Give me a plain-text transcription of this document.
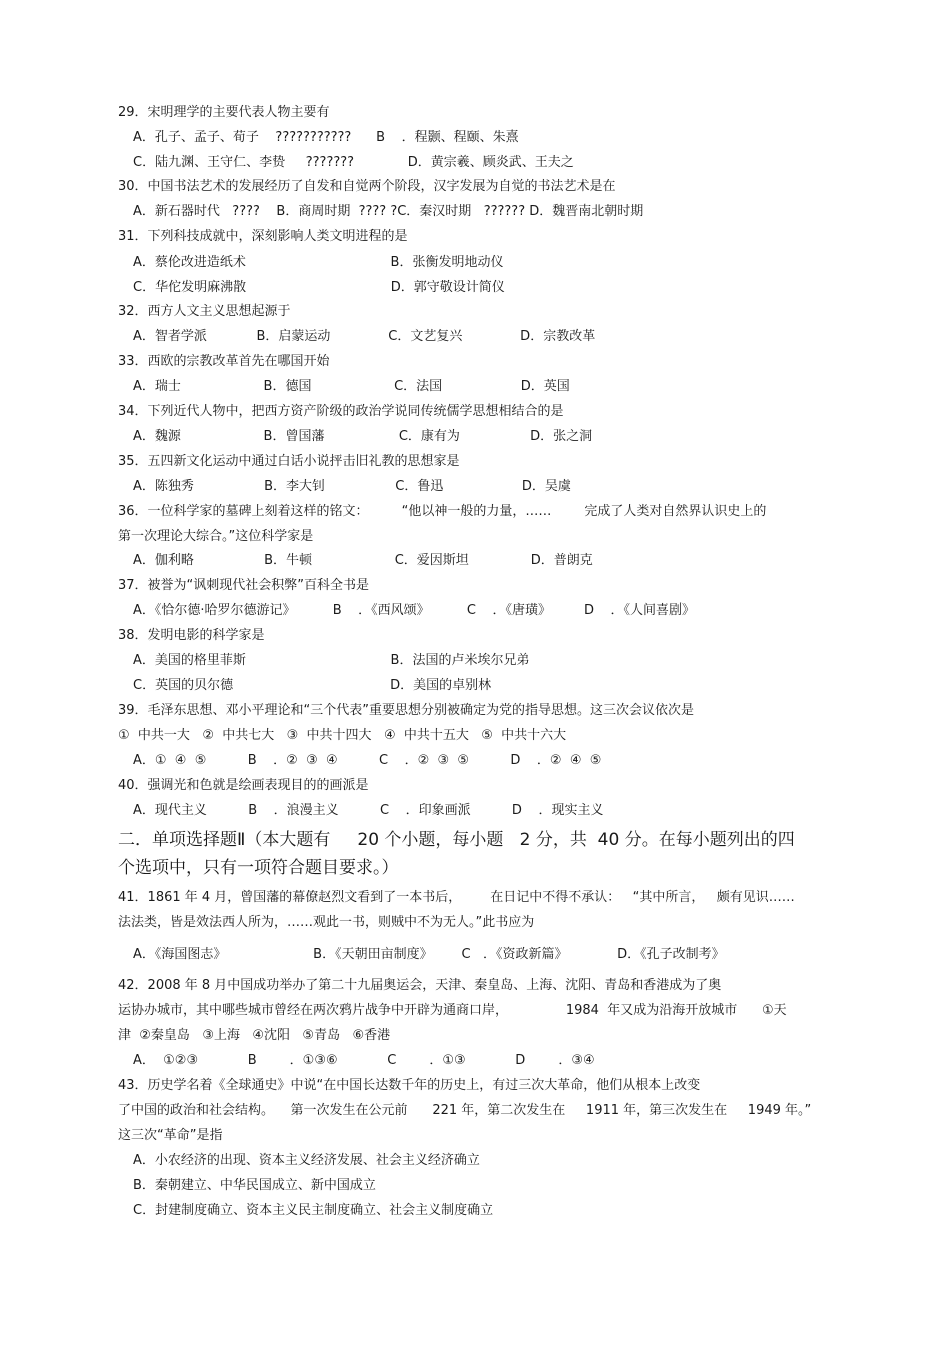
29．宋明理学的主要代表人物主要有
A．孔子、孟子、荀子    ???????????      B    ．程颢、程颐、朱熹
C．陆九渊、王守仁、李贽     ???????             D．黄宗羲、顾炎武、王夫之
30．中国书法艺术的发展经历了自发和自觉两个阶段，汉字发展为自觉的书法艺术是在
A．新石器时代   ????    B．商周时期  ???? ?C．秦汉时期   ?????? D．魏晋南北朝时期
31．下列科技成就中，深刻影响人类文明进程的是
A．蔡伦改进造纸术                                   B．张衡发明地动仪
C．华佗发明麻沸散                                   D．郭守敬设计简仪
32．西方人文主义思想起源于
A．智者学派            B．启蒙运动              C．文艺复兴              D．宗教改革
33．西欧的宗教改革首先在哪国开始
A．瑞士                    B．德国                    C．法国                   D．英国
34．下列近代人物中，把西方资产阶级的政治学说同传统儒学思想相结合的是
A．魏源                    B．曾国藩                  C．康有为                 D．张之洞
35．五四新文化运动中通过白话小说抨击旧礼教的思想家是
A．陈独秀                 B．李大钊                 C．鲁迅                   D．吴虞
36．一位科学家的墓碑上刻着这样的铭文：        “他以神一般的力量，……        完成了人类对自然界认识史上的
第一次理论大综合。”这位科学家是
A．伽利略                 B．牛顿                    C．爱因斯坦               D．普朗克
37．被誉为“讽刺现代社会积弊”百科全书是
A．《恰尔德·哈罗尔德游记》         B    ．《西风颂》         C    ．《唐璜》        D    ．《人间喜剧》
38．发明电影的科学家是
A．美国的格里菲斯                                   B．法国的卢米埃尔兄弟
C．英国的贝尔德                                      D．美国的卓别林
39．毛泽东思想、邓小平理论和“三个代表”重要思想分别被确定为党的指导思想。这三次会议依次是
①  中共一大   ②  中共七大   ③  中共十四大   ④  中共十五大   ⑤  中共十六大
A．①  ④  ⑤          B    ．②  ③  ④          C    ．②  ③  ⑤          D    ．②  ④  ⑤
40．强调光和色就是绘画表现目的的画派是
A．现代主义          B    ．浪漫主义          C    ．印象画派          D    ．现实主义
二．单项选择题Ⅱ（本大题有     20 个小题，每小题   2 分，共  40 分。在每小题列出的四
个选项中，只有一项符合题目要求。）
41．1861 年 4 月，曾国藩的幕僚赵烈文看到了一本书后，       在日记中不得不承认：   “其中所言，   颇有见识……
法法类，皆是效法西人所为，……观此一书，则贼中不为无人。”此书应为
A．《海国图志》                     B．《天朝田亩制度》       C   ．《资政新篇》            D．《孔子改制考》
42．2008 年 8 月中国成功举办了第二十九届奥运会，天津、秦皇岛、上海、沈阳、青岛和香港成为了奥
运协办城市，其中哪些城市曾经在两次鸦片战争中开辟为通商口岸，              1984  年又成为沿海开放城市      ①天
津  ②秦皇岛   ③上海   ④沈阳   ⑤青岛   ⑥香港
A．  ①②③            B        ．①③⑥            C        ．①③            D        ．③④
43．历史学名着《全球通史》中说“在中国长达数千年的历史上，有过三次大革命，他们从根本上改变
了中国的政治和社会结构。    第一次发生在公元前      221 年，第二次发生在     1911 年，第三次发生在     1949 年。”
这三次“革命”是指
A．小农经济的出现、资本主义经济发展、社会主义经济确立
B．秦朝建立、中华民国成立、新中国成立
C．封建制度确立、资本主义民主制度确立、社会主义制度确立
